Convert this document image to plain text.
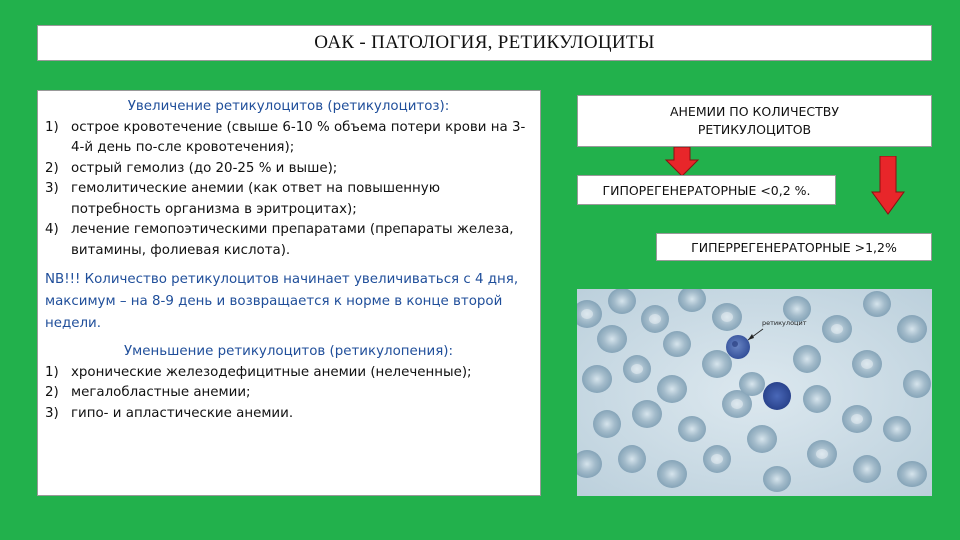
ОАК - ПАТОЛОГИЯ, РЕТИКУЛОЦИТЫ

Увеличение ретикулоцитов (ретикулоцитоз):

1) острое кровотечение (свыше 6-10 % объема потери крови на 3-4-й день по-сле кровотечения);
2) острый гемолиз (до 20-25 % и выше);
3) гемолитические анемии (как ответ на повышенную потребность организма в эритроцитах);
4) лечение гемопоэтическими препаратами (препараты железа, витамины, фолиевая кислота).

NB!!! Количество ретикулоцитов начинает увеличиваться с 4 дня, максимум – на 8-9 день и возвращается к норме в конце второй недели.

Уменьшение ретикулоцитов (ретикулопения):

1) хронические железодефицитные анемии (нелеченные);
2) мегалобластные анемии;
3) гипо- и апластические анемии.
АНЕМИИ ПО КОЛИЧЕСТВУ РЕТИКУЛОЦИТОВ
ГИПОРЕГЕНЕРАТОРНЫЕ <0,2 %.
ГИПЕРРЕГЕНЕРАТОРНЫЕ >1,2%
ретикулоцит
